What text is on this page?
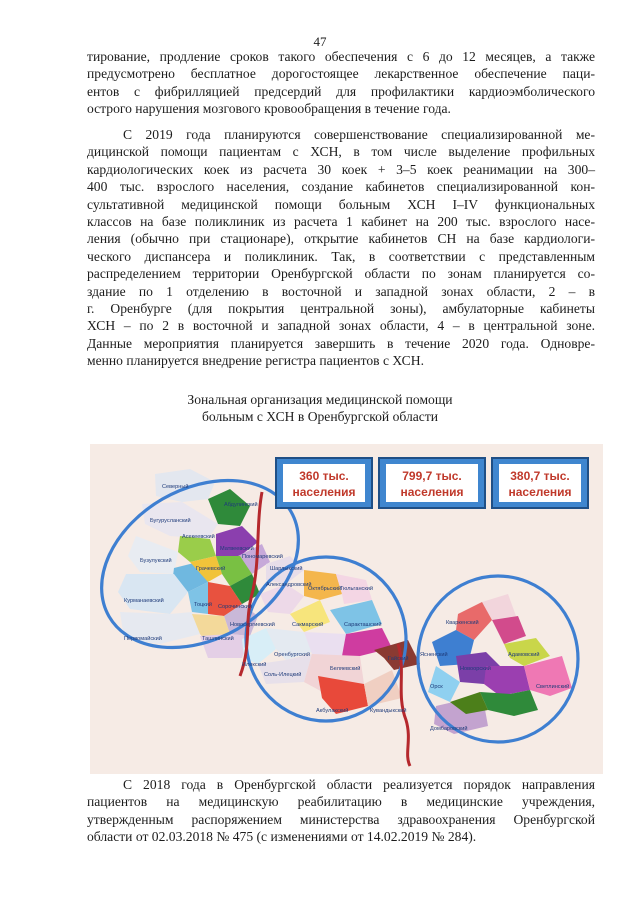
47

тирование, продление сроков такого обеспечения с 6 до 12 месяцев, а также
предусмотрено бесплатное дорогостоящее лекарственное обеспечение паци-
ентов с фибрилляцией предсердий для профилактики кардиоэмболического
острого нарушения мозгового кровообращения в течение года.

С 2019 года планируются совершенствование специализированной ме-
дицинской помощи пациентам с ХСН, в том числе выделение профильных
кардиологических коек из расчета 30 коек + 3–5 коек реанимации на 300–
400 тыс. взрослого населения, создание кабинетов специализированной кон-
сультативной медицинской помощи больным ХСН I–IV функциональных
классов на базе поликлиник из расчета 1 кабинет на 200 тыс. взрослого насе-
ления (обычно при стационаре), открытие кабинетов СН на базе кардиологи-
ческого диспансера и поликлиник. Так, в соответствии с представленным
распределением территории Оренбургской области по зонам планируется со-
здание по 1 отделению в восточной и западной зонах области, 2 – в
г. Оренбурге (для покрытия центральной зоны), амбулаторные кабинеты
ХСН – по 2 в восточной и западной зонах области, 4 – в центральной зоне.
Данные мероприятия планируется завершить в течение 2020 года. Одновре-
менно планируется внедрение регистра пациентов с ХСН.

Зональная организация медицинской помощи
больным с ХСН в Оренбургской области
360 тыс.
населения
799,7 тыс.
населения
380,7 тыс.
населения
Северный
Абдулинский
Бугурусланский
Асекеевский
Матвеевский
Пономаревский
Бузулукский
Грачевский
Курманаевский
Тоцкий Сорочинский
Новосергиевский
Ташлинский
Первомайский
Илекский
Шарлыкский
Александровский
Октябрьский
Тюльганский
Сакмарский	Саракташский
Оренбургский
Соль-Илецкий
Беляевский
Акбулакский	Кувандыкский
Гайский
Кваркенский
Адамовский
Новоорский
Ясненский
Светлинский
Орск
Домбаровский

С 2018 года в Оренбургской области реализуется порядок направления
пациентов на медицинскую реабилитацию в медицинские учреждения,
утвержденным распоряжением министерства здравоохранения Оренбургской
области от 02.03.2018 № 475 (с изменениями от 14.02.2019 № 284).
